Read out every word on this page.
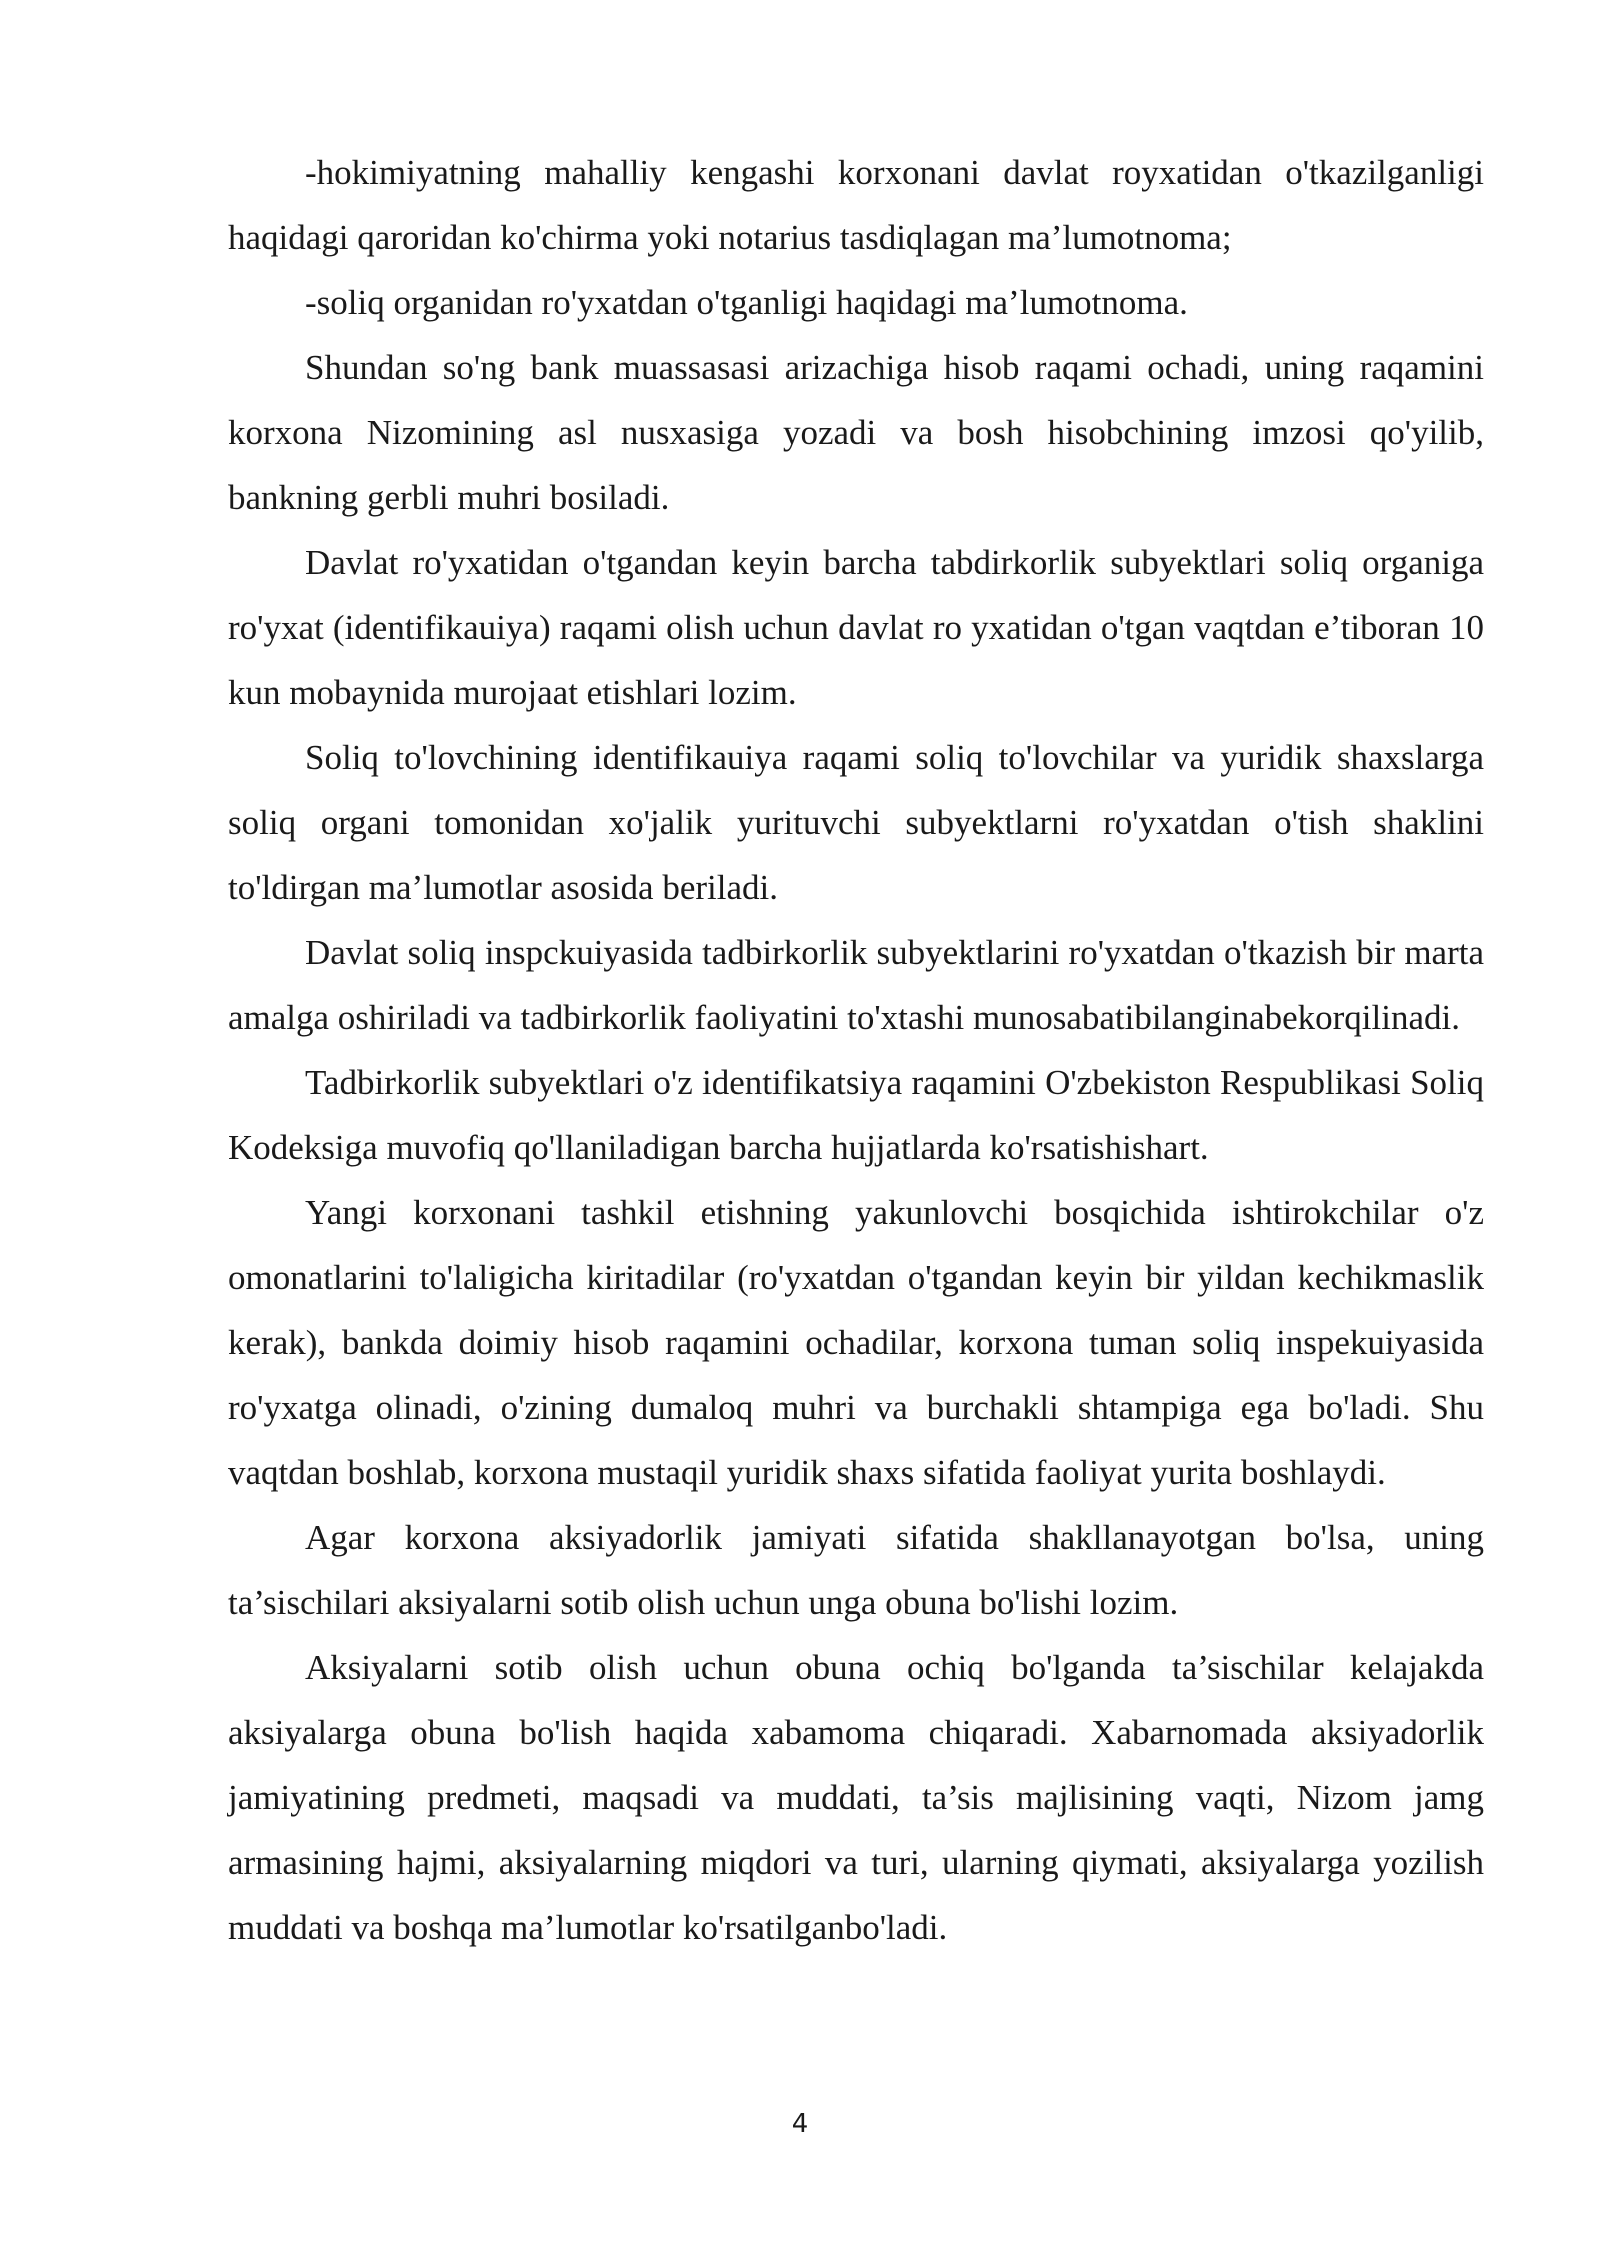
-hokimiyatning mahalliy kengashi korxonani davlat royxatidan o'tkazilganligi haqidagi qaroridan ko'chirma yoki notarius tasdiqlagan ma’lumotnoma;

-soliq organidan ro'yxatdan o'tganligi haqidagi ma’lumotnoma.

Shundan so'ng bank muassasasi arizachiga hisob raqami ochadi, uning raqamini korxona Nizomining asl nusxasiga yozadi va bosh hisobchining imzosi qo'yilib, bankning gerbli muhri bosiladi.

Davlat ro'yxatidan o'tgandan keyin barcha tabdirkorlik subyektlari soliq organiga ro'yxat (identifikauiya) raqami olish uchun davlat ro yxatidan o'tgan vaqtdan e’tiboran 10 kun mobaynida murojaat etishlari lozim.

Soliq to'lovchining identifikauiya raqami soliq to'lovchilar va yuridik shaxslarga soliq organi tomonidan xo'jalik yurituvchi subyektlarni ro'yxatdan o'tish shaklini to'ldirgan ma’lumotlar asosida beriladi.

Davlat soliq inspckuiyasida tadbirkorlik subyektlarini ro'yxatdan o'tkazish bir marta amalga oshiriladi va tadbirkorlik faoliyatini to'xtashi munosabatibilanginabekorqilinadi.

Tadbirkorlik subyektlari o'z identifikatsiya raqamini O'zbekiston Respublikasi Soliq Kodeksiga muvofiq qo'llaniladigan barcha hujjatlarda ko'rsatishishart.

Yangi korxonani tashkil etishning yakunlovchi bosqichida ishtirokchilar o'z omonatlarini to'laligicha kiritadilar (ro'yxatdan o'tgandan keyin bir yildan kechikmaslik kerak), bankda doimiy hisob raqamini ochadilar, korxona tuman soliq inspekuiyasida ro'yxatga olinadi, o'zining dumaloq muhri va burchakli shtampiga ega bo'ladi. Shu vaqtdan boshlab, korxona mustaqil yuridik shaxs sifatida faoliyat yurita boshlaydi.

Agar korxona aksiyadorlik jamiyati sifatida shakllanayotgan bo'lsa, uning ta’sischilari aksiyalarni sotib olish uchun unga obuna bo'lishi lozim.

Aksiyalarni sotib olish uchun obuna ochiq bo'lganda ta’sischilar kelajakda aksiyalarga obuna bo'lish haqida xabamoma chiqaradi. Xabarnomada aksiyadorlik jamiyatining predmeti, maqsadi va muddati, ta’sis majlisining vaqti, Nizom jamg armasining hajmi, aksiyalarning miqdori va turi, ularning qiymati, aksiyalarga yozilish muddati va boshqa ma’lumotlar ko'rsatilganbo'ladi.

4
